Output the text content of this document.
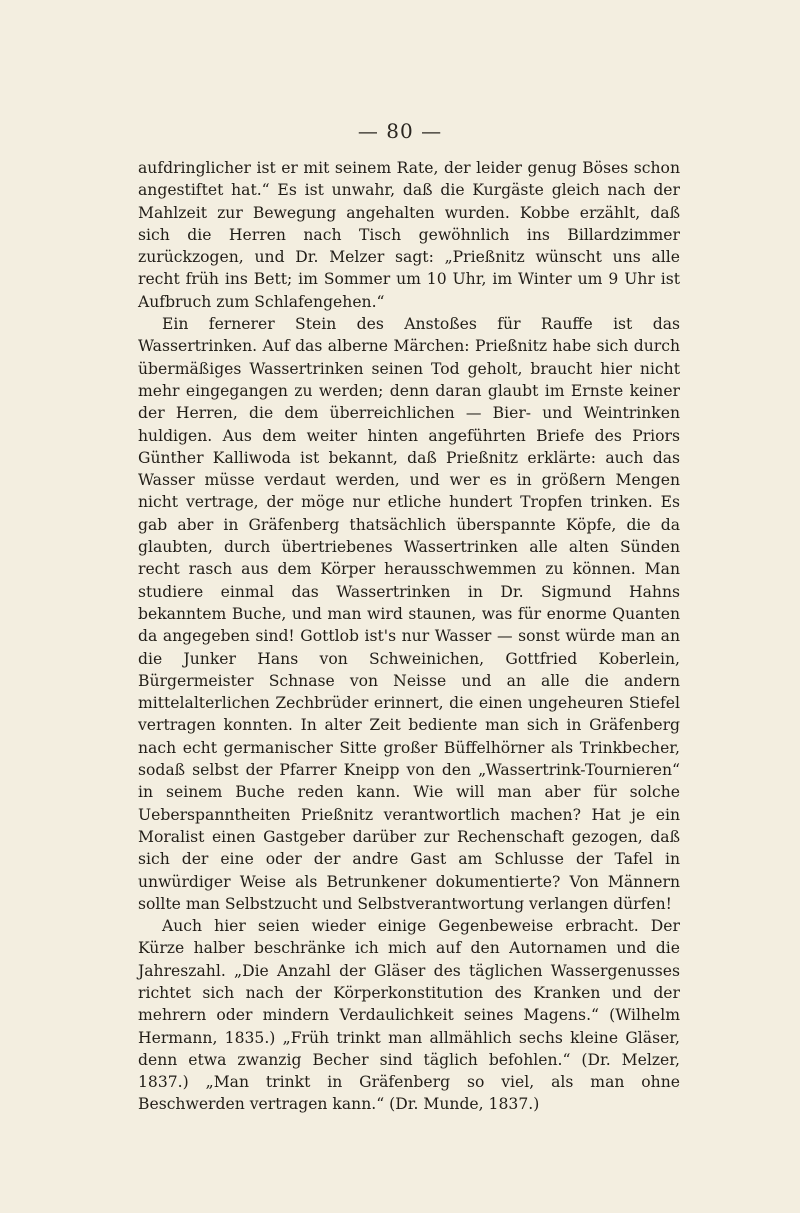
— 80 —

aufdringlicher ist er mit seinem Rate, der leider genug Böses schon angestiftet hat.“ Es ist unwahr, daß die Kurgäste gleich nach der Mahlzeit zur Bewegung angehalten wurden. Kobbe erzählt, daß sich die Herren nach Tisch gewöhnlich ins Billardzimmer zurückzogen, und Dr. Melzer sagt: „Prießnitz wünscht uns alle recht früh ins Bett; im Sommer um 10 Uhr, im Winter um 9 Uhr ist Aufbruch zum Schlafengehen.“

Ein fernerer Stein des Anstoßes für Rauffe ist das Wassertrinken. Auf das alberne Märchen: Prießnitz habe sich durch übermäßiges Wassertrinken seinen Tod geholt, braucht hier nicht mehr eingegangen zu werden; denn daran glaubt im Ernste keiner der Herren, die dem überreichlichen — Bier- und Weintrinken huldigen. Aus dem weiter hinten angeführten Briefe des Priors Günther Kalliwoda ist bekannt, daß Prießnitz erklärte: auch das Wasser müsse verdaut werden, und wer es in größern Mengen nicht vertrage, der möge nur etliche hundert Tropfen trinken. Es gab aber in Gräfenberg thatsächlich überspannte Köpfe, die da glaubten, durch übertriebenes Wassertrinken alle alten Sünden recht rasch aus dem Körper herausschwemmen zu können. Man studiere einmal das Wassertrinken in Dr. Sigmund Hahns bekanntem Buche, und man wird staunen, was für enorme Quanten da angegeben sind! Gottlob ist's nur Wasser — sonst würde man an die Junker Hans von Schweinichen, Gottfried Koberlein, Bürgermeister Schnase von Neisse und an alle die andern mittelalterlichen Zechbrüder erinnert, die einen ungeheuren Stiefel vertragen konnten. In alter Zeit bediente man sich in Gräfenberg nach echt germanischer Sitte großer Büffelhörner als Trinkbecher, sodaß selbst der Pfarrer Kneipp von den „Wassertrink-Tournieren“ in seinem Buche reden kann. Wie will man aber für solche Ueberspanntheiten Prießnitz verantwortlich machen? Hat je ein Moralist einen Gastgeber darüber zur Rechenschaft gezogen, daß sich der eine oder der andre Gast am Schlusse der Tafel in unwürdiger Weise als Betrunkener dokumentierte? Von Männern sollte man Selbstzucht und Selbstverantwortung verlangen dürfen!

Auch hier seien wieder einige Gegenbeweise erbracht. Der Kürze halber beschränke ich mich auf den Autornamen und die Jahreszahl. „Die Anzahl der Gläser des täglichen Wassergenusses richtet sich nach der Körperkonstitution des Kranken und der mehrern oder mindern Verdaulichkeit seines Magens.“ (Wilhelm Hermann, 1835.) „Früh trinkt man allmählich sechs kleine Gläser, denn etwa zwanzig Becher sind täglich befohlen.“ (Dr. Melzer, 1837.) „Man trinkt in Gräfenberg so viel, als man ohne Beschwerden vertragen kann.“ (Dr. Munde, 1837.)
